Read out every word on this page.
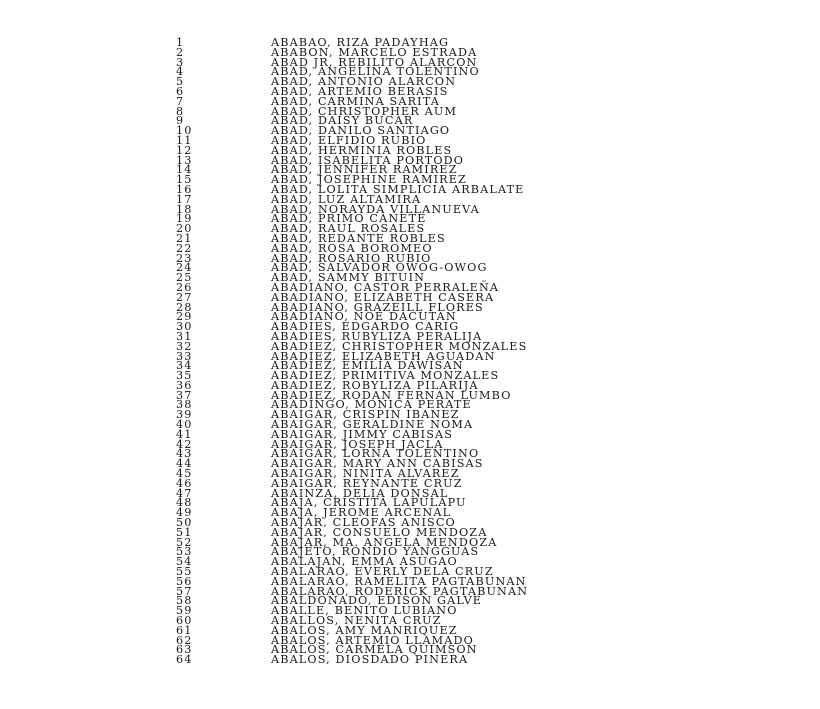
1	ABABAO, RIZA PADAYHAG
2	ABABON, MARCELO ESTRADA
3	ABAD JR, REBILITO ALARCON
4	ABAD, ANGELINA TOLENTINO
5	ABAD, ANTONIO ALARCON
6	ABAD, ARTEMIO BERASIS
7	ABAD, CARMINA SARITA
8	ABAD, CHRISTOPHER AUM
9	ABAD, DAISY BUCAR
10	ABAD, DANILO SANTIAGO
11	ABAD, ELFIDIO RUBIO
12	ABAD, HERMINIA ROBLES
13	ABAD, ISABELITA PORTODO
14	ABAD, JENNIFER RAMIREZ
15	ABAD, JOSEPHINE RAMIREZ
16	ABAD, LOLITA SIMPLICIA ARBALATE
17	ABAD, LUZ ALTAMIRA
18	ABAD, NORAYDA VILLANUEVA
19	ABAD, PRIMO CANETE
20	ABAD, RAUL ROSALES
21	ABAD, REDANTE ROBLES
22	ABAD, ROSA BOROMEO
23	ABAD, ROSARIO RUBIO
24	ABAD, SALVADOR OWOG-OWOG
25	ABAD, SAMMY BITUIN
26	ABADIANO, CASTOR PERRALEÑA
27	ABADIANO, ELIZABETH CASERA
28	ABADIANO, GRAZEILL FLORES
29	ABADIANO, NOE DACUTAN
30	ABADIES, EDGARDO CARIG
31	ABADIES, RUBYLIZA PERALIJA
32	ABADIEZ, CHRISTOPHER MONZALES
33	ABADIEZ, ELIZABETH AGUADAN
34	ABADIEZ, EMILIA DAWISAN
35	ABADIEZ, PRIMITIVA MONZALES
36	ABADIEZ, ROBYLIZA PILARIJA
37	ABADIEZ, RODAN FERNAN LUMBO
38	ABADINGO, MONICA PERATE
39	ABAIGAR, CRISPIN IBANEZ
40	ABAIGAR, GERALDINE NOMA
41	ABAIGAR, JIMMY CABISAS
42	ABAIGAR, JOSEPH JACLA
43	ABAIGAR, LORNA TOLENTINO
44	ABAIGAR, MARY ANN CABISAS
45	ABAIGAR, NINITA ALVAREZ
46	ABAIGAR, REYNANTE CRUZ
47	ABAINZA, DELIA DONSAL
48	ABAJA, CRISTITA LAPULAPU
49	ABAJA, JEROME ARCENAL
50	ABAJAR, CLEOFAS ANISCO
51	ABAJAR, CONSUELO MENDOZA
52	ABAJAR, MA. ANGELA MENDOZA
53	ABAJETO, RONDIO YANGGUAS
54	ABALAJAN, EMMA ASUGAO
55	ABALARAO, EVERLY DELA CRUZ
56	ABALARAO, RAMELITA PAGTABUNAN
57	ABALARAO, RODERICK PAGTABUNAN
58	ABALDONADO, EDISON GALVE
59	ABALLE, BENITO LUBIANO
60	ABALLOS, NENITA CRUZ
61	ABALOS, AMY MANRIQUEZ
62	ABALOS, ARTEMIO LLAMADO
63	ABALOS, CARMELA QUIMSON
64	ABALOS, DIOSDADO PINERA
